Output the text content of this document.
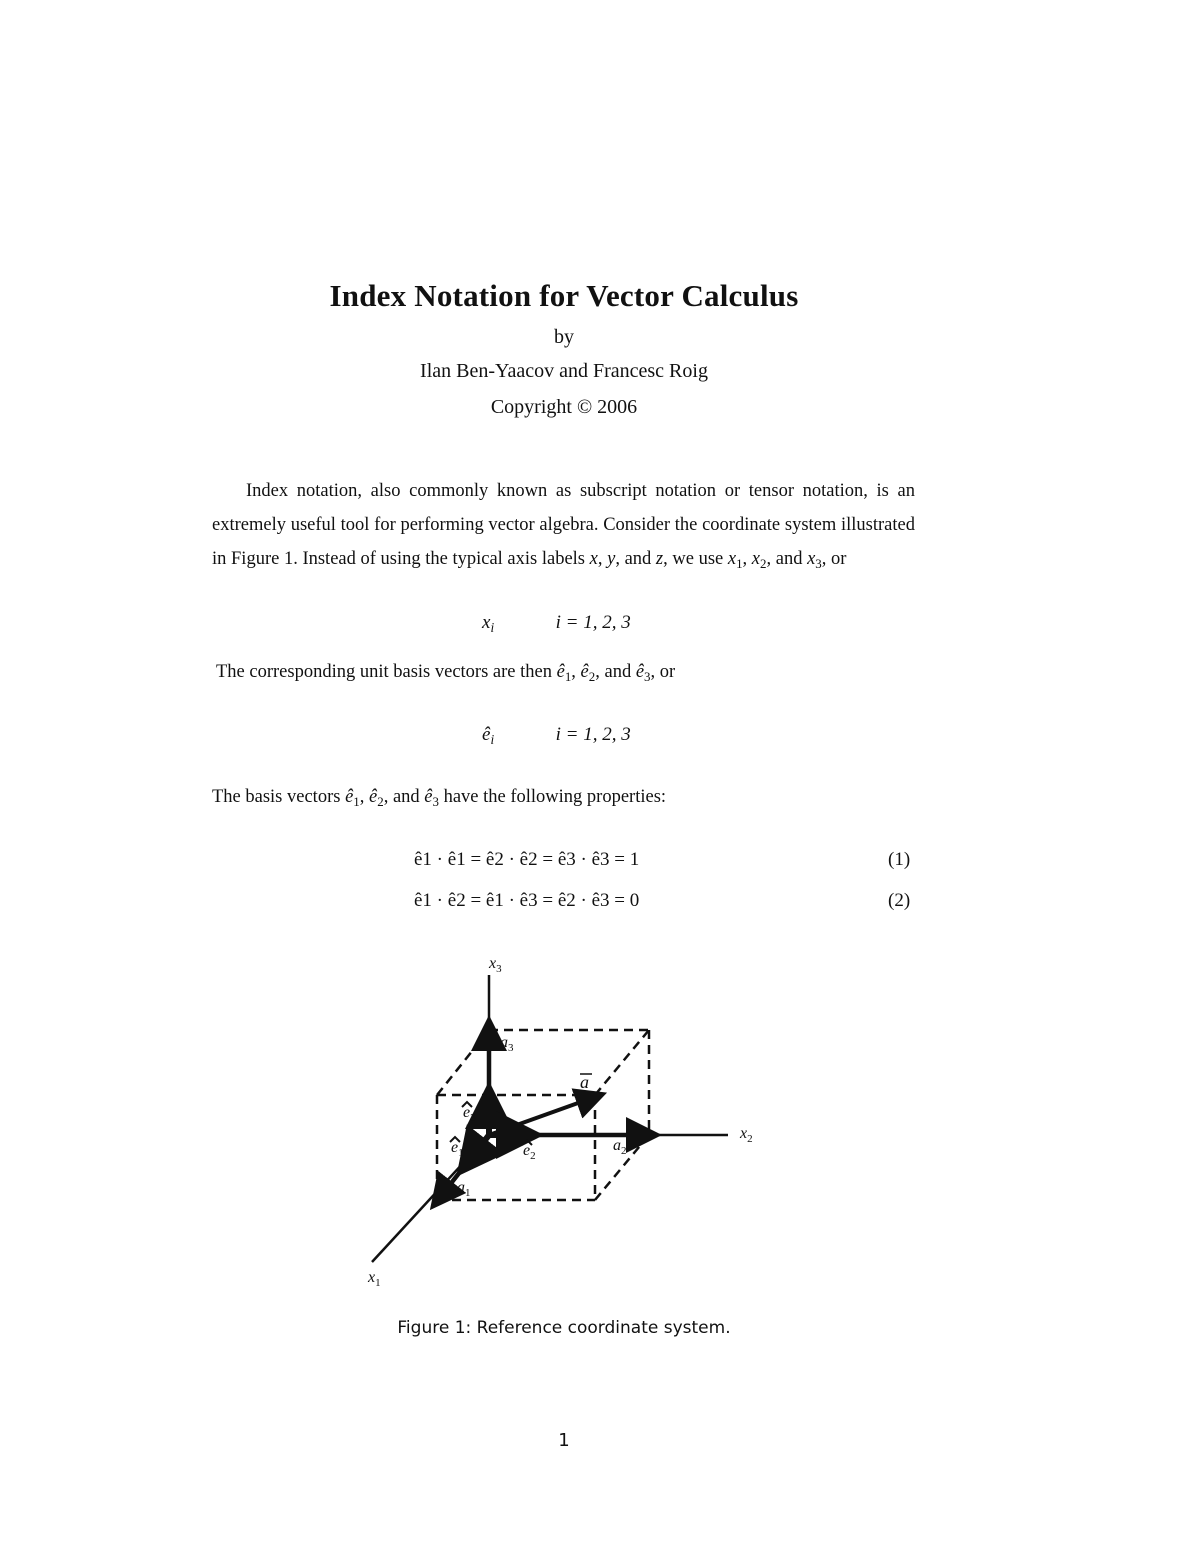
Index Notation for Vector Calculus
by
Ilan Ben-Yaacov and Francesc Roig
Copyright © 2006
Index notation, also commonly known as subscript notation or tensor notation, is an extremely useful tool for performing vector algebra. Consider the coordinate system illustrated in Figure 1. Instead of using the typical axis labels x, y, and z, we use $x_1$, $x_2$, and $x_3$, or
$x_i$	i = 1, 2, 3
The corresponding unit basis vectors are then $ê_1$, $ê_2$, and $ê_3$, or
$ê_i$	i = 1, 2, 3
The basis vectors $ê_1$, $ê_2$, and $ê_3$ have the following properties:
ê1 · ê1 = ê2 · ê2 = ê3 · ê3 = 1	(1)
ê1 · ê2 = ê1 · ê3 = ê2 · ê3 = 0	(2)
$x_3$
$x_2$
$x_1$
$a_3$
$a_2$
$a_1$
a
$e_3$
$e_1$	$e_2$
Figure 1: Reference coordinate system.
1
